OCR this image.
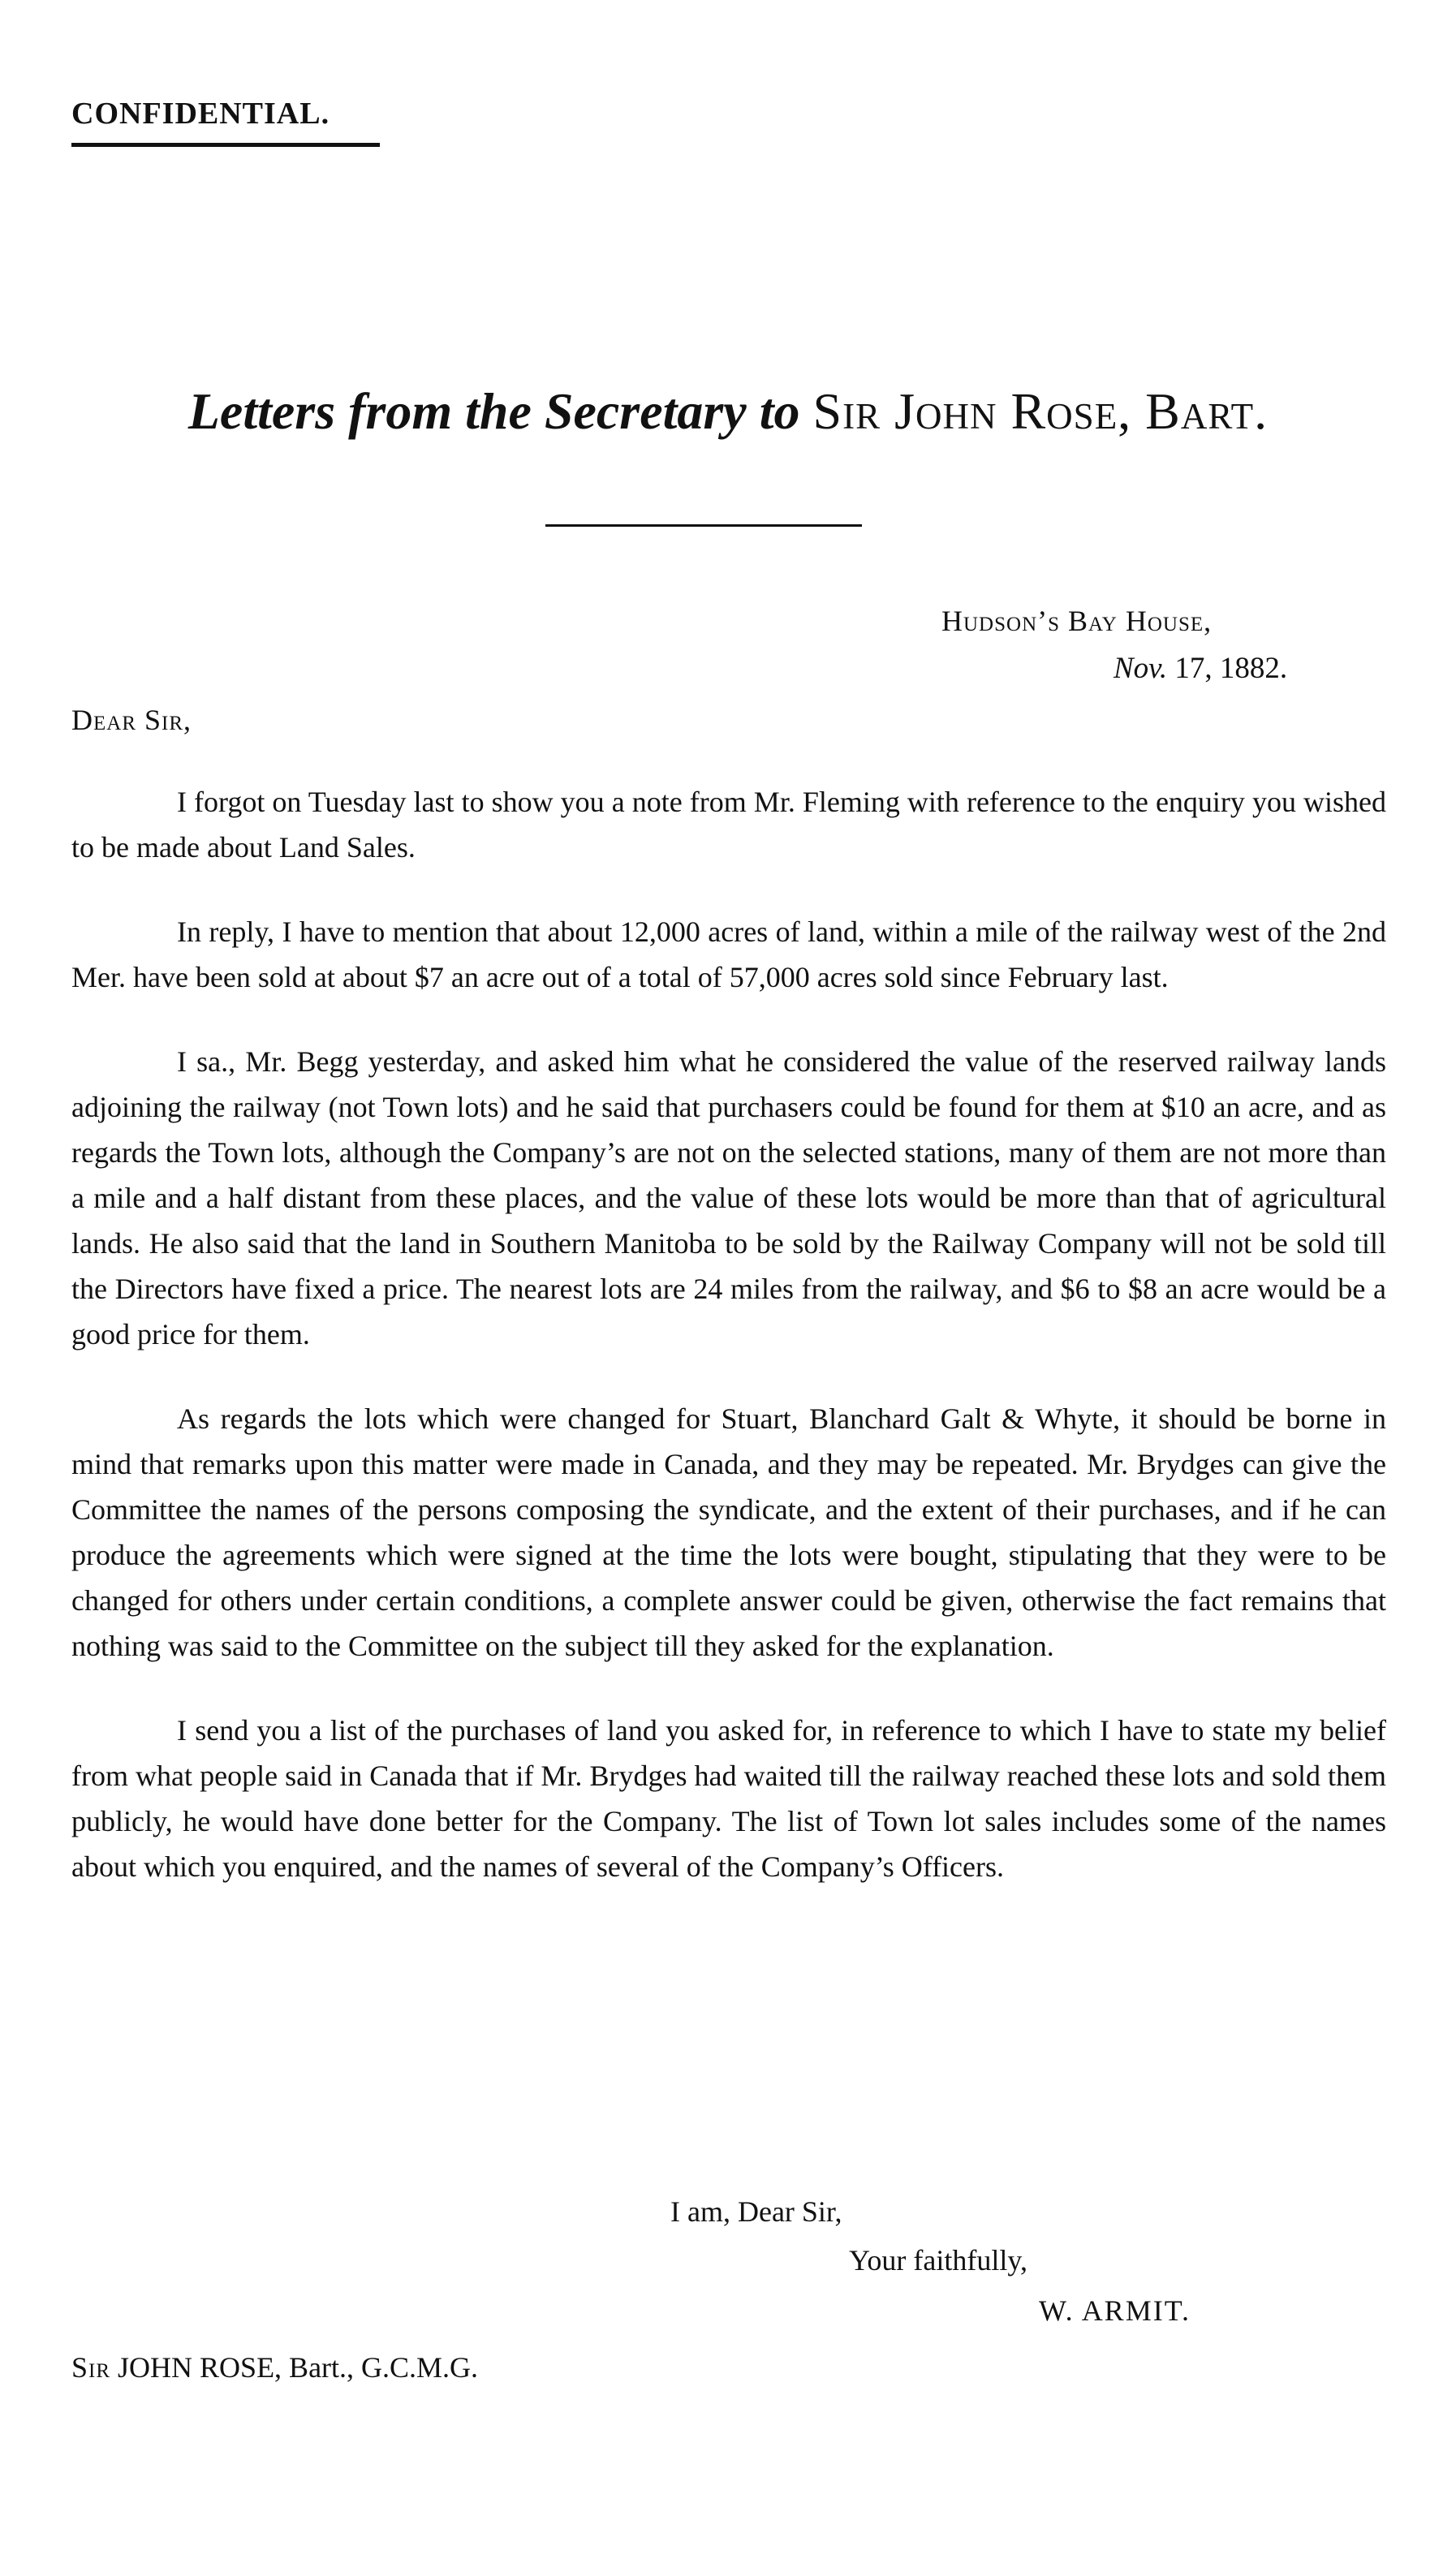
CONFIDENTIAL.
Letters from the Secretary to Sir John Rose, Bart.
Hudson’s Bay House,
Nov. 17, 1882.
Dear Sir,

I forgot on Tuesday last to show you a note from Mr. Fleming with reference to the enquiry you wished to be made about Land Sales.

In reply, I have to mention that about 12,000 acres of land, within a mile of the railway west of the 2nd Mer. have been sold at about $7 an acre out of a total of 57,000 acres sold since February last.

I sa., Mr. Begg yesterday, and asked him what he considered the value of the reserved railway lands adjoining the railway (not Town lots) and he said that purchasers could be found for them at $10 an acre, and as regards the Town lots, although the Company’s are not on the selected stations, many of them are not more than a mile and a half distant from these places, and the value of these lots would be more than that of agricultural lands. He also said that the land in Southern Manitoba to be sold by the Railway Company will not be sold till the Directors have fixed a price. The nearest lots are 24 miles from the railway, and $6 to $8 an acre would be a good price for them.

As regards the lots which were changed for Stuart, Blanchard Galt & Whyte, it should be borne in mind that remarks upon this matter were made in Canada, and they may be repeated. Mr. Brydges can give the Committee the names of the persons composing the syndicate, and the extent of their purchases, and if he can produce the agreements which were signed at the time the lots were bought, stipulating that they were to be changed for others under certain conditions, a complete answer could be given, otherwise the fact remains that nothing was said to the Committee on the subject till they asked for the explanation.

I send you a list of the purchases of land you asked for, in reference to which I have to state my belief from what people said in Canada that if Mr. Brydges had waited till the railway reached these lots and sold them publicly, he would have done better for the Company. The list of Town lot sales includes some of the names about which you enquired, and the names of several of the Company’s Officers.

I am, Dear Sir,
Your faithfully,
W. ARMIT.
Sir JOHN ROSE, Bart., G.C.M.G.
